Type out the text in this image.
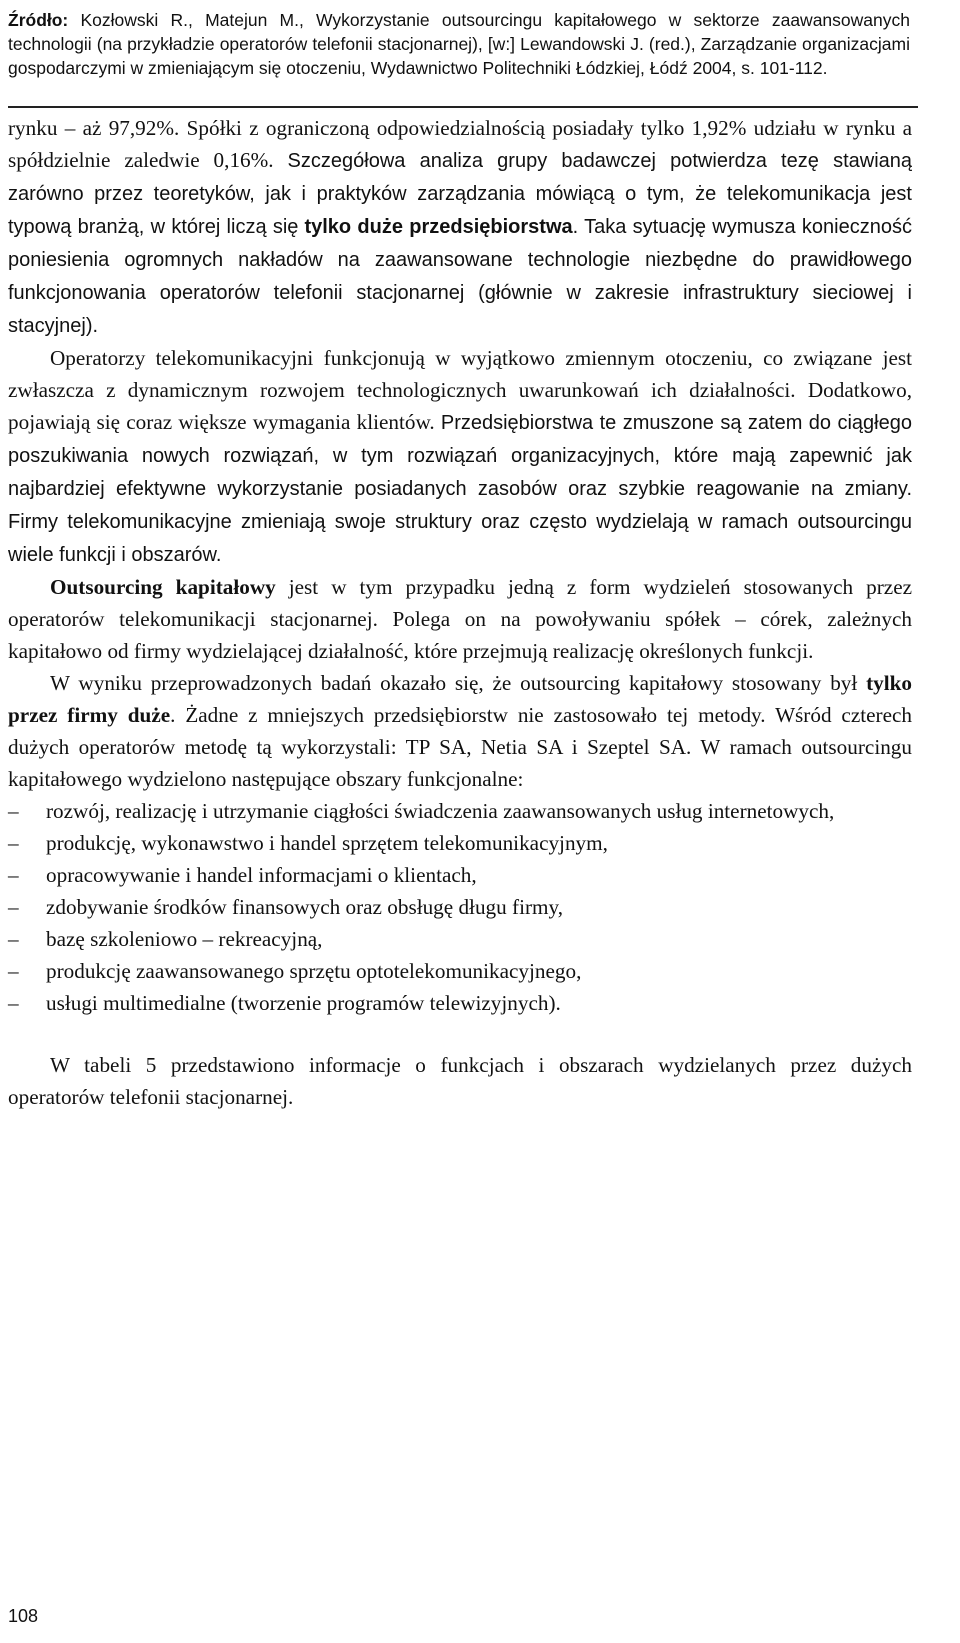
Źródło: Kozłowski R., Matejun M., Wykorzystanie outsourcingu kapitałowego w sektorze zaawansowanych technologii (na przykładzie operatorów telefonii stacjonarnej), [w:] Lewandowski J. (red.), Zarządzanie organizacjami gospodarczymi w zmieniającym się otoczeniu, Wydawnictwo Politechniki Łódzkiej, Łódź 2004, s. 101-112.

rynku – aż 97,92%. Spółki z ograniczoną odpowiedzialnością posiadały tylko 1,92% udziału w rynku a spółdzielnie zaledwie 0,16%. Szczegółowa analiza grupy badawczej potwierdza tezę stawianą zarówno przez teoretyków, jak i praktyków zarządzania mówiącą o tym, że telekomunikacja jest typową branżą, w której liczą się tylko duże przedsiębiorstwa. Taka sytuację wymusza konieczność poniesienia ogromnych nakładów na zaawansowane technologie niezbędne do prawidłowego funkcjonowania operatorów telefonii stacjonarnej (głównie w zakresie infrastruktury sieciowej i stacyjnej).

Operatorzy telekomunikacyjni funkcjonują w wyjątkowo zmiennym otoczeniu, co związane jest zwłaszcza z dynamicznym rozwojem technologicznych uwarunkowań ich działalności. Dodatkowo, pojawiają się coraz większe wymagania klientów. Przedsiębiorstwa te zmuszone są zatem do ciągłego poszukiwania nowych rozwiązań, w tym rozwiązań organizacyjnych, które mają zapewnić jak najbardziej efektywne wykorzystanie posiadanych zasobów oraz szybkie reagowanie na zmiany. Firmy telekomunikacyjne zmieniają swoje struktury oraz często wydzielają w ramach outsourcingu wiele funkcji i obszarów.

Outsourcing kapitałowy jest w tym przypadku jedną z form wydzieleń stosowanych przez operatorów telekomunikacji stacjonarnej. Polega on na powoływaniu spółek – córek, zależnych kapitałowo od firmy wydzielającej działalność, które przejmują realizację określonych funkcji.

W wyniku przeprowadzonych badań okazało się, że outsourcing kapitałowy stosowany był tylko przez firmy duże. Żadne z mniejszych przedsiębiorstw nie zastosowało tej metody. Wśród czterech dużych operatorów metodę tą wykorzystali: TP SA, Netia SA i Szeptel SA. W ramach outsourcingu kapitałowego wydzielono następujące obszary funkcjonalne:

– rozwój, realizację i utrzymanie ciągłości świadczenia zaawansowanych usług internetowych,
– produkcję, wykonawstwo i handel sprzętem telekomunikacyjnym,
– opracowywanie i handel informacjami o klientach,
– zdobywanie środków finansowych oraz obsługę długu firmy,
– bazę szkoleniowo – rekreacyjną,
– produkcję zaawansowanego sprzętu optotelekomunikacyjnego,
– usługi multimedialne (tworzenie programów telewizyjnych).

W tabeli 5 przedstawiono informacje o funkcjach i obszarach wydzielanych przez dużych operatorów telefonii stacjonarnej.

108
